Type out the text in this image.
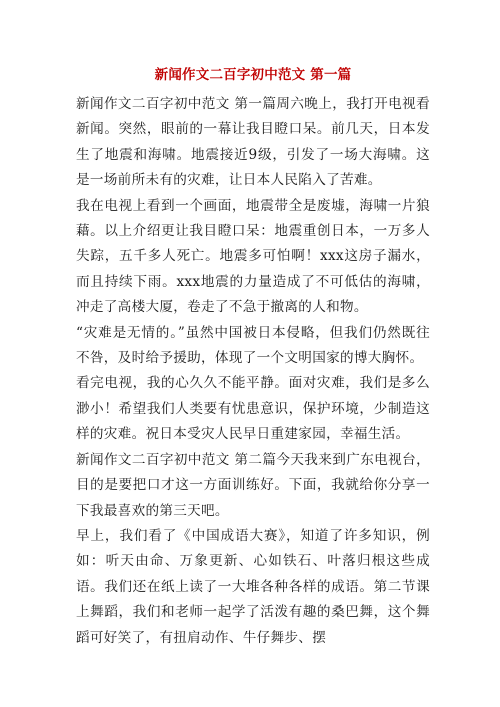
新闻作文二百字初中范文 第一篇

新闻作文二百字初中范文 第一篇周六晚上，我打开电视看新闻。突然，眼前的一幕让我目瞪口呆。前几天，日本发生了地震和海啸。地震接近9级，引发了一场大海啸。这是一场前所未有的灾难，让日本人民陷入了苦难。

我在电视上看到一个画面，地震带全是废墟，海啸一片狼藉。以上介绍更让我目瞪口呆：地震重创日本，一万多人失踪，五千多人死亡。地震多可怕啊！xxx这房子漏水，而且持续下雨。xxx地震的力量造成了不可低估的海啸，冲走了高楼大厦，卷走了不急于撤离的人和物。

“灾难是无情的。”虽然中国被日本侵略，但我们仍然既往不咎，及时给予援助，体现了一个文明国家的博大胸怀。

看完电视，我的心久久不能平静。面对灾难，我们是多么渺小！希望我们人类要有忧患意识，保护环境，少制造这样的灾难。祝日本受灾人民早日重建家园，幸福生活。

新闻作文二百字初中范文 第二篇今天我来到广东电视台，目的是要把口才这一方面训练好。下面，我就给你分享一下我最喜欢的第三天吧。

早上，我们看了《中国成语大赛》，知道了许多知识，例如：听天由命、万象更新、心如铁石、叶落归根这些成语。我们还在纸上读了一大堆各种各样的成语。第二节课上舞蹈，我们和老师一起学了活泼有趣的桑巴舞，这个舞蹈可好笑了，有扭肩动作、牛仔舞步、摆
